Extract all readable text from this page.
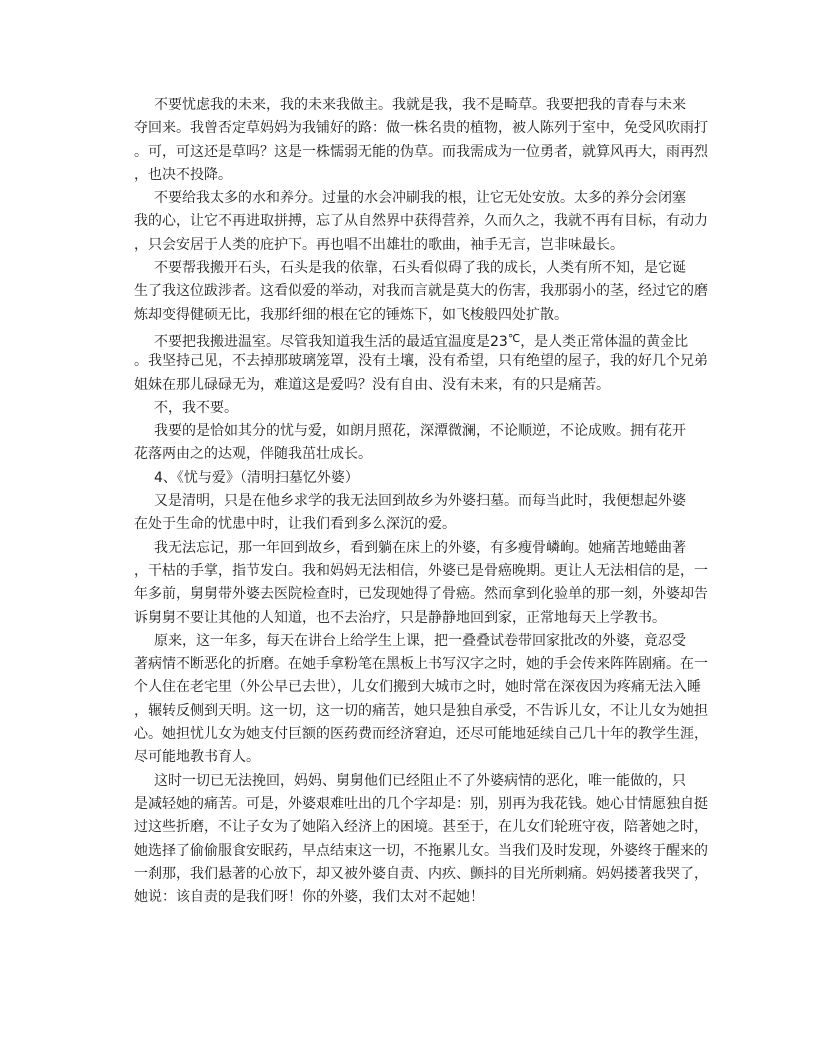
不要忧虑我的未来，我的未来我做主。我就是我，我不是畸草。我要把我的青春与未来
夺回来。我曾否定草妈妈为我铺好的路：做一株名贵的植物，被人陈列于室中，免受风吹雨打
。可，可这还是草吗？这是一株懦弱无能的伪草。而我需成为一位勇者，就算风再大，雨再烈
，也决不投降。
不要给我太多的水和养分。过量的水会冲刷我的根，让它无处安放。太多的养分会闭塞
我的心，让它不再进取拼搏，忘了从自然界中获得营养，久而久之，我就不再有目标，有动力
，只会安居于人类的庇护下。再也唱不出雄壮的歌曲，袖手无言，岂非味最长。
不要帮我搬开石头，石头是我的依靠，石头看似碍了我的成长，人类有所不知，是它诞
生了我这位跋涉者。这看似爱的举动，对我而言就是莫大的伤害，我那弱小的茎，经过它的磨
炼却变得健硕无比，我那纤细的根在它的锤炼下，如飞梭般四处扩散。
不要把我搬进温室。尽管我知道我生活的最适宜温度是23℃，是人类正常体温的黄金比
。我坚持己见，不去掉那玻璃笼罩，没有土壤，没有希望，只有绝望的屋子，我的好几个兄弟
姐妹在那儿碌碌无为，难道这是爱吗？没有自由、没有未来，有的只是痛苦。
不，我不要。
我要的是恰如其分的忧与爱，如朗月照花，深潭微澜，不论顺逆，不论成败。拥有花开
花落两由之的达观，伴随我茁壮成长。
4、《忧与爱》（清明扫墓忆外婆）
又是清明，只是在他乡求学的我无法回到故乡为外婆扫墓。而每当此时，我便想起外婆
在处于生命的忧患中时，让我们看到多么深沉的爱。
我无法忘记，那一年回到故乡，看到躺在床上的外婆，有多瘦骨嶙峋。她痛苦地蜷曲著
，干枯的手掌，指节发白。我和妈妈无法相信，外婆已是骨癌晚期。更让人无法相信的是，一
年多前，舅舅带外婆去医院检查时，已发现她得了骨癌。然而拿到化验单的那一刻，外婆却告
诉舅舅不要让其他的人知道，也不去治疗，只是静静地回到家，正常地每天上学教书。
原来，这一年多，每天在讲台上给学生上课，把一叠叠试卷带回家批改的外婆，竟忍受
著病情不断恶化的折磨。在她手拿粉笔在黑板上书写汉字之时，她的手会传来阵阵剧痛。在一
个人住在老宅里（外公早已去世），儿女们搬到大城市之时，她时常在深夜因为疼痛无法入睡
，辗转反侧到天明。这一切，这一切的痛苦，她只是独自承受，不告诉儿女，不让儿女为她担
心。她担忧儿女为她支付巨额的医药费而经济窘迫，还尽可能地延续自己几十年的教学生涯，
尽可能地教书育人。
这时一切已无法挽回，妈妈、舅舅他们已经阻止不了外婆病情的恶化，唯一能做的，只
是减轻她的痛苦。可是，外婆艰难吐出的几个字却是：别，别再为我花钱。她心甘情愿独自挺
过这些折磨，不让子女为了她陷入经济上的困境。甚至于，在儿女们轮班守夜，陪著她之时，
她选择了偷偷服食安眠药，早点结束这一切，不拖累儿女。当我们及时发现，外婆终于醒来的
一刹那，我们悬著的心放下，却又被外婆自责、内疚、颤抖的目光所刺痛。妈妈搂著我哭了，
她说：该自责的是我们呀！你的外婆，我们太对不起她！
